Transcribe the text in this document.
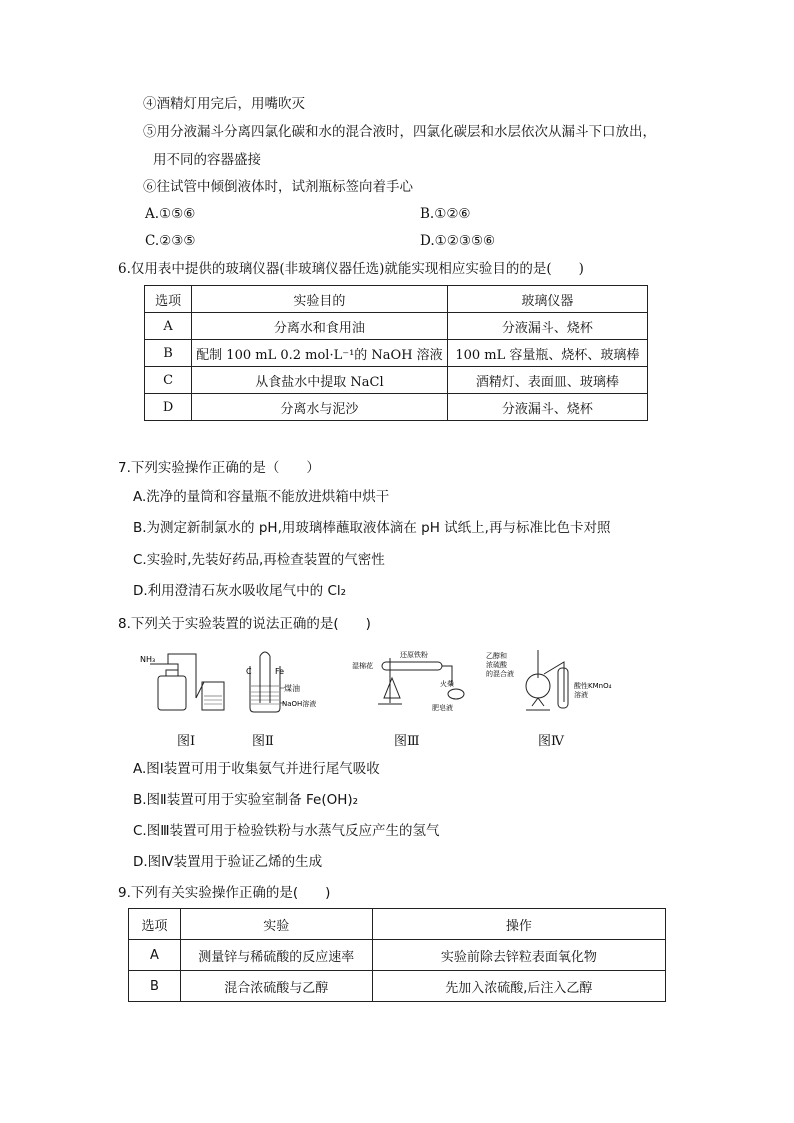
④酒精灯用完后，用嘴吹灭
⑤用分液漏斗分离四氯化碳和水的混合液时，四氯化碳层和水层依次从漏斗下口放出，
用不同的容器盛接
⑥往试管中倾倒液体时，试剂瓶标签向着手心
A.①⑤⑥	B.①②⑥
C.②③⑤	D.①②③⑤⑥
6.仅用表中提供的玻璃仪器(非玻璃仪器任选)就能实现相应实验目的的是(　　)
选项	实验目的	玻璃仪器
A	分离水和食用油	分液漏斗、烧杯
B	配制 100 mL 0.2 mol·L⁻¹的 NaOH 溶液	100 mL 容量瓶、烧杯、玻璃棒
C	从食盐水中提取 NaCl	酒精灯、表面皿、玻璃棒
D	分离水与泥沙	分液漏斗、烧杯
7.下列实验操作正确的是（　　）
A.洗净的量筒和容量瓶不能放进烘箱中烘干
B.为测定新制氯水的 pH,用玻璃棒蘸取液体滴在 pH 试纸上,再与标准比色卡对照
C.实验时,先装好药品,再检查装置的气密性
D.利用澄清石灰水吸收尾气中的 Cl₂
8.下列关于实验装置的说法正确的是(　　)
NH₃
图Ⅰ
C	Fe
煤油
NaOH溶液
图Ⅱ
还原铁粉
湿棉花
火柴
肥皂液
图Ⅲ
乙醇和
浓硫酸
的混合液
酸性KMnO₄
溶液
图Ⅳ
A.图Ⅰ装置可用于收集氨气并进行尾气吸收
B.图Ⅱ装置可用于实验室制备 Fe(OH)₂
C.图Ⅲ装置可用于检验铁粉与水蒸气反应产生的氢气
D.图Ⅳ装置用于验证乙烯的生成
9.下列有关实验操作正确的是(　　)
选项	实验	操作
A	测量锌与稀硫酸的反应速率	实验前除去锌粒表面氧化物
B	混合浓硫酸与乙醇	先加入浓硫酸,后注入乙醇
